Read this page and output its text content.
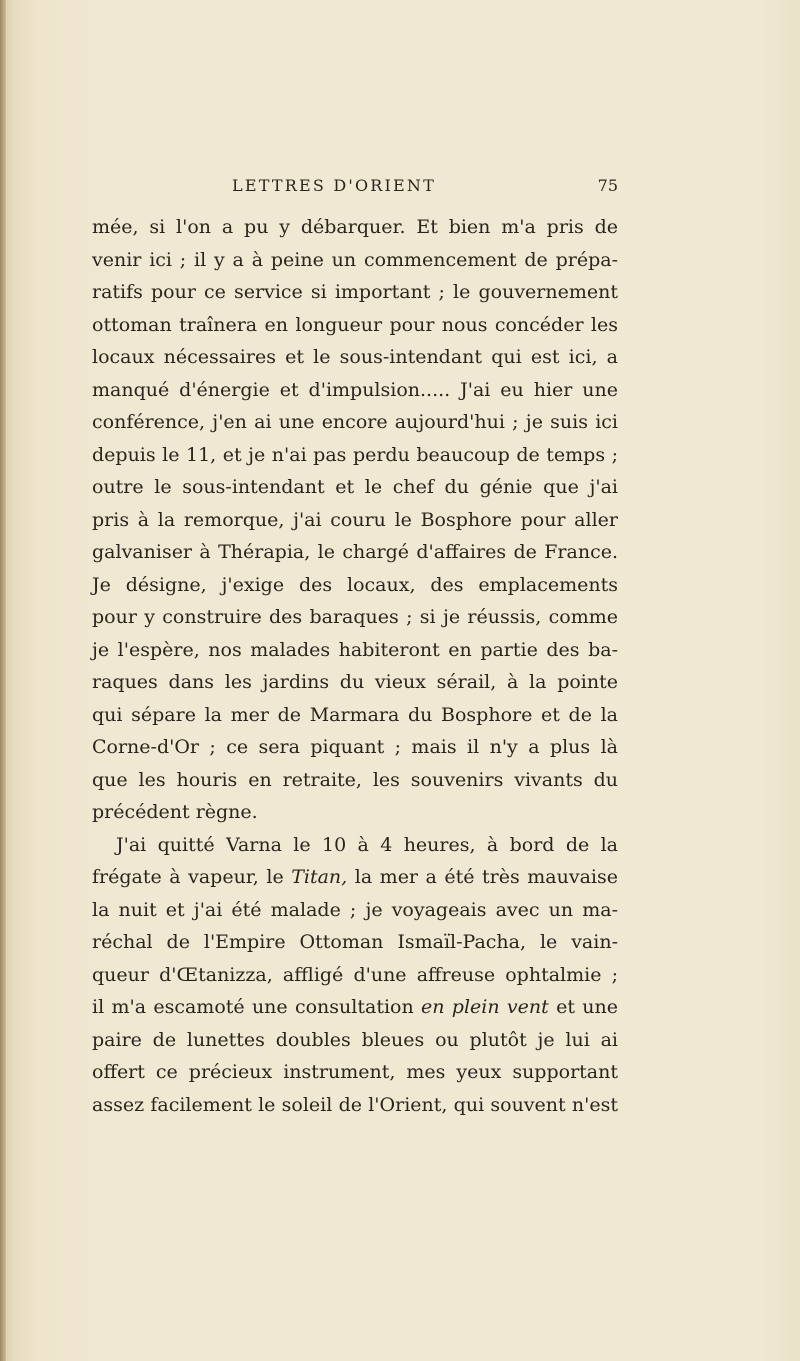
LETTRES D'ORIENT	75
mée, si l'on a pu y débarquer. Et bien m'a pris de
venir ici ; il y a à peine un commencement de prépa-
ratifs pour ce service si important ; le gouvernement
ottoman traînera en longueur pour nous concéder les
locaux nécessaires et le sous-intendant qui est ici, a
manqué d'énergie et d'impulsion..... J'ai eu hier une
conférence, j'en ai une encore aujourd'hui ; je suis ici
depuis le 11, et je n'ai pas perdu beaucoup de temps ;
outre le sous-intendant et le chef du génie que j'ai
pris à la remorque, j'ai couru le Bosphore pour aller
galvaniser à Thérapia, le chargé d'affaires de France.
Je désigne, j'exige des locaux, des emplacements
pour y construire des baraques ; si je réussis, comme
je l'espère, nos malades habiteront en partie des ba-
raques dans les jardins du vieux sérail, à la pointe
qui sépare la mer de Marmara du Bosphore et de la
Corne-d'Or ; ce sera piquant ; mais il n'y a plus là
que les houris en retraite, les souvenirs vivants du
précédent règne.
J'ai quitté Varna le 10 à 4 heures, à bord de la
frégate à vapeur, le Titan, la mer a été très mauvaise
la nuit et j'ai été malade ; je voyageais avec un ma-
réchal de l'Empire Ottoman Ismaïl-Pacha, le vain-
queur d'Œtanizza, affligé d'une affreuse ophtalmie ;
il m'a escamoté une consultation en plein vent et une
paire de lunettes doubles bleues ou plutôt je lui ai
offert ce précieux instrument, mes yeux supportant
assez facilement le soleil de l'Orient, qui souvent n'est
